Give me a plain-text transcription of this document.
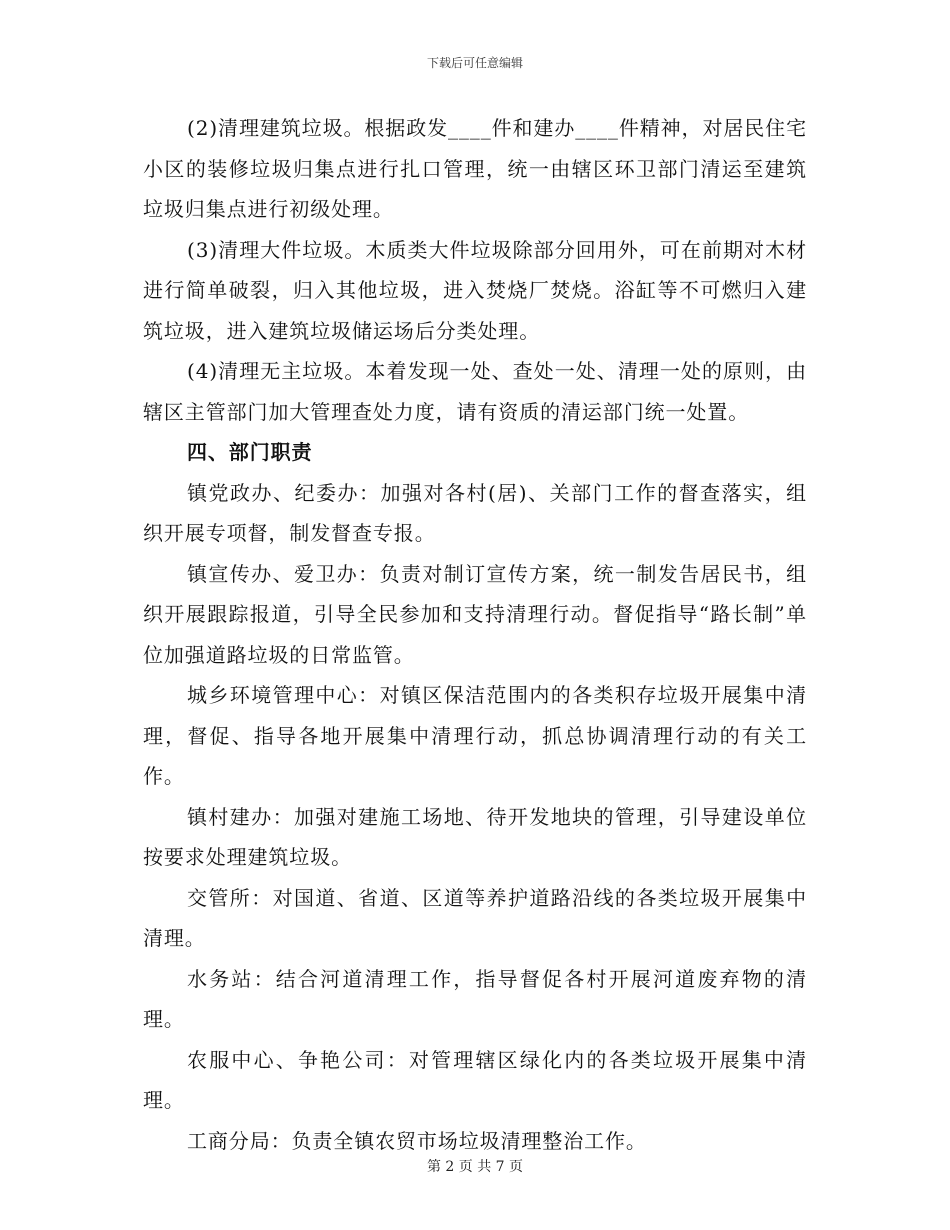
下载后可任意编辑

(2)清理建筑垃圾。根据政发____件和建办____件精神，对居民住宅小区的装修垃圾归集点进行扎口管理，统一由辖区环卫部门清运至建筑垃圾归集点进行初级处理。

(3)清理大件垃圾。木质类大件垃圾除部分回用外，可在前期对木材进行简单破裂，归入其他垃圾，进入焚烧厂焚烧。浴缸等不可燃归入建筑垃圾，进入建筑垃圾储运场后分类处理。

(4)清理无主垃圾。本着发现一处、查处一处、清理一处的原则，由辖区主管部门加大管理查处力度，请有资质的清运部门统一处置。

四、部门职责

镇党政办、纪委办：加强对各村(居)、关部门工作的督查落实，组织开展专项督，制发督查专报。

镇宣传办、爱卫办：负责对制订宣传方案，统一制发告居民书，组织开展跟踪报道，引导全民参加和支持清理行动。督促指导“路长制”单位加强道路垃圾的日常监管。

城乡环境管理中心：对镇区保洁范围内的各类积存垃圾开展集中清理，督促、指导各地开展集中清理行动，抓总协调清理行动的有关工作。

镇村建办：加强对建施工场地、待开发地块的管理，引导建设单位按要求处理建筑垃圾。

交管所：对国道、省道、区道等养护道路沿线的各类垃圾开展集中清理。

水务站：结合河道清理工作，指导督促各村开展河道废弃物的清理。

农服中心、争艳公司：对管理辖区绿化内的各类垃圾开展集中清理。

工商分局：负责全镇农贸市场垃圾清理整治工作。

第 2 页 共 7 页
